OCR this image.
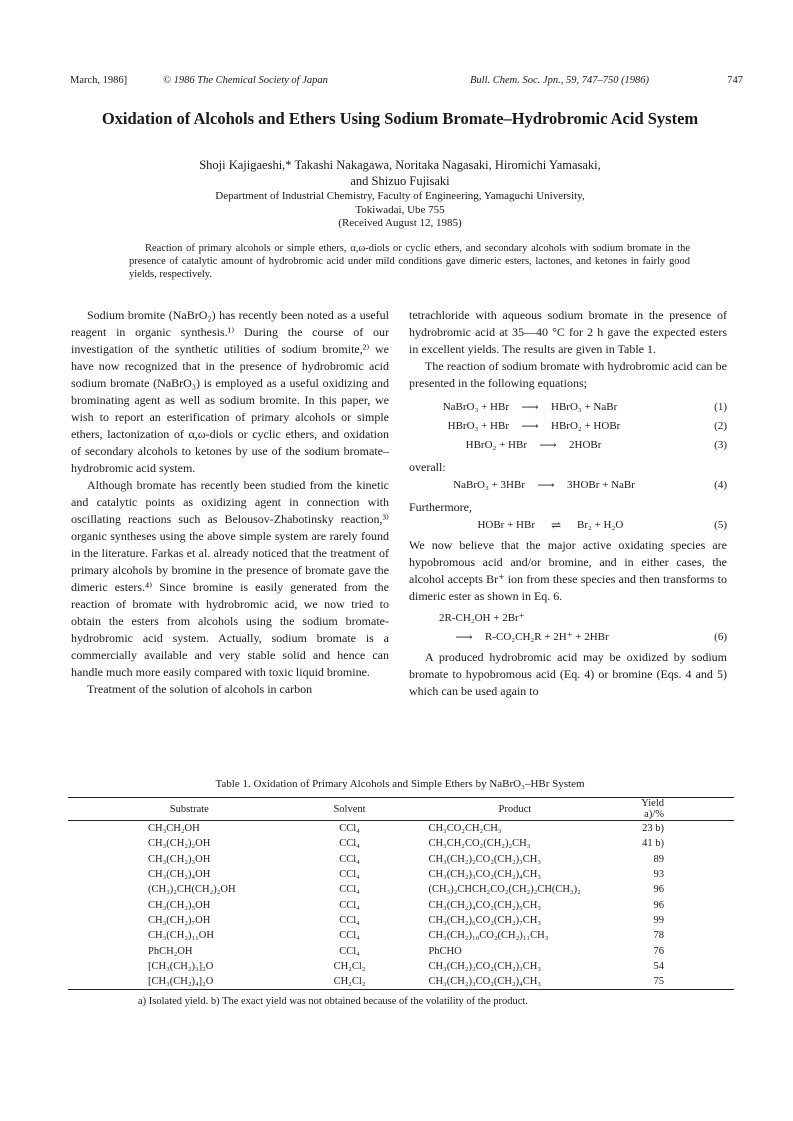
March, 1986]	© 1986 The Chemical Society of Japan	Bull. Chem. Soc. Jpn., 59, 747–750 (1986)	747
Oxidation of Alcohols and Ethers Using Sodium Bromate–Hydrobromic Acid System
Shoji Kajigaeshi,* Takashi Nakagawa, Noritaka Nagasaki, Hiromichi Yamasaki,
and Shizuo Fujisaki
Department of Industrial Chemistry, Faculty of Engineering, Yamaguchi University,
Tokiwadai, Ube 755
(Received August 12, 1985)
Reaction of primary alcohols or simple ethers, α,ω-diols or cyclic ethers, and secondary alcohols with sodium bromate in the presence of catalytic amount of hydrobromic acid under mild conditions gave dimeric esters, lactones, and ketones in fairly good yields, respectively.

Sodium bromite (NaBrO₂) has recently been noted as a useful reagent in organic synthesis.¹⁾ During the course of our investigation of the synthetic utilities of sodium bromite,²⁾ we have now recognized that in the presence of hydrobromic acid sodium bromate (NaBrO₃) is employed as a useful oxidizing and brominating agent as well as sodium bromite. In this paper, we wish to report an esterification of primary alcohols or simple ethers, lactonization of α,ω-diols or cyclic ethers, and oxidation of secondary alcohols to ketones by use of the sodium bromate–hydrobromic acid system.

Although bromate has recently been studied from the kinetic and catalytic points as oxidizing agent in connection with oscillating reactions such as Belousov-Zhabotinsky reaction,³⁾ organic syntheses using the above simple system are rarely found in the literature. Farkas et al. already noticed that the treatment of primary alcohols by bromine in the presence of bromate gave the dimeric esters.⁴⁾ Since bromine is easily generated from the reaction of bromate with hydrobromic acid, we now tried to obtain the esters from alcohols using the sodium bromate-hydrobromic acid system. Actually, sodium bromate is a commercially available and very stable solid and hence can handle much more easily compared with toxic liquid bromine.

Treatment of the solution of alcohols in carbon

tetrachloride with aqueous sodium bromate in the presence of hydrobromic acid at 35—40 °C for 2 h gave the expected esters in excellent yields. The results are given in Table 1.

The reaction of sodium bromate with hydrobromic acid can be presented in the following equations;

NaBrO₃ + HBr	⟶	HBrO₃ + NaBr	(1)
HBrO₃ + HBr	⟶	HBrO₂ + HOBr	(2)
HBrO₂ + HBr	⟶	2HOBr	(3)
overall:
NaBrO₃ + 3HBr	⟶	3HOBr + NaBr	(4)
Furthermore,
HOBr + HBr	⇌	Br₂ + H₂O	(5)

We now believe that the major active oxidating species are hypobromous acid and/or bromine, and in either cases, the alcohol accepts Br⁺ ion from these species and then transforms to dimeric ester as shown in Eq. 6.

2R-CH₂OH + 2Br⁺
⟶	R-CO₂CH₂R + 2H⁺ + 2HBr	(6)

A produced hydrobromic acid may be oxidized by sodium bromate to hypobromous acid (Eq. 4) or bromine (Eqs. 4 and 5) which can be used again to

Table 1. Oxidation of Primary Alcohols and Simple Ethers by NaBrO₃–HBr System
Substrate	Solvent	Product	Yield a)/%
CH₃CH₂OH	CCl₄	CH₃CO₂CH₂CH₃	23 b)
CH₃(CH₂)₂OH	CCl₄	CH₃CH₂CO₂(CH₂)₂CH₃	41 b)
CH₃(CH₂)₃OH	CCl₄	CH₃(CH₂)₂CO₂(CH₂)₃CH₃	89
CH₃(CH₂)₄OH	CCl₄	CH₃(CH₂)₃CO₂(CH₂)₄CH₃	93
(CH₃)₂CH(CH₂)₂OH	CCl₄	(CH₃)₂CHCH₂CO₂(CH₂)₂CH(CH₃)₂	96
CH₃(CH₂)₅OH	CCl₄	CH₃(CH₂)₄CO₂(CH₂)₅CH₃	96
CH₃(CH₂)₇OH	CCl₄	CH₃(CH₂)₆CO₂(CH₂)₇CH₃	99
CH₃(CH₂)₁₁OH	CCl₄	CH₃(CH₂)₁₀CO₂(CH₂)₁₁CH₃	78
PhCH₂OH	CCl₄	PhCHO	76
[CH₃(CH₂)₃]₂O	CH₂Cl₂	CH₃(CH₂)₂CO₂(CH₂)₃CH₃	54
[CH₃(CH₂)₄]₂O	CH₂Cl₂	CH₃(CH₂)₃CO₂(CH₂)₄CH₃	75
a) Isolated yield. b) The exact yield was not obtained because of the volatility of the product.
